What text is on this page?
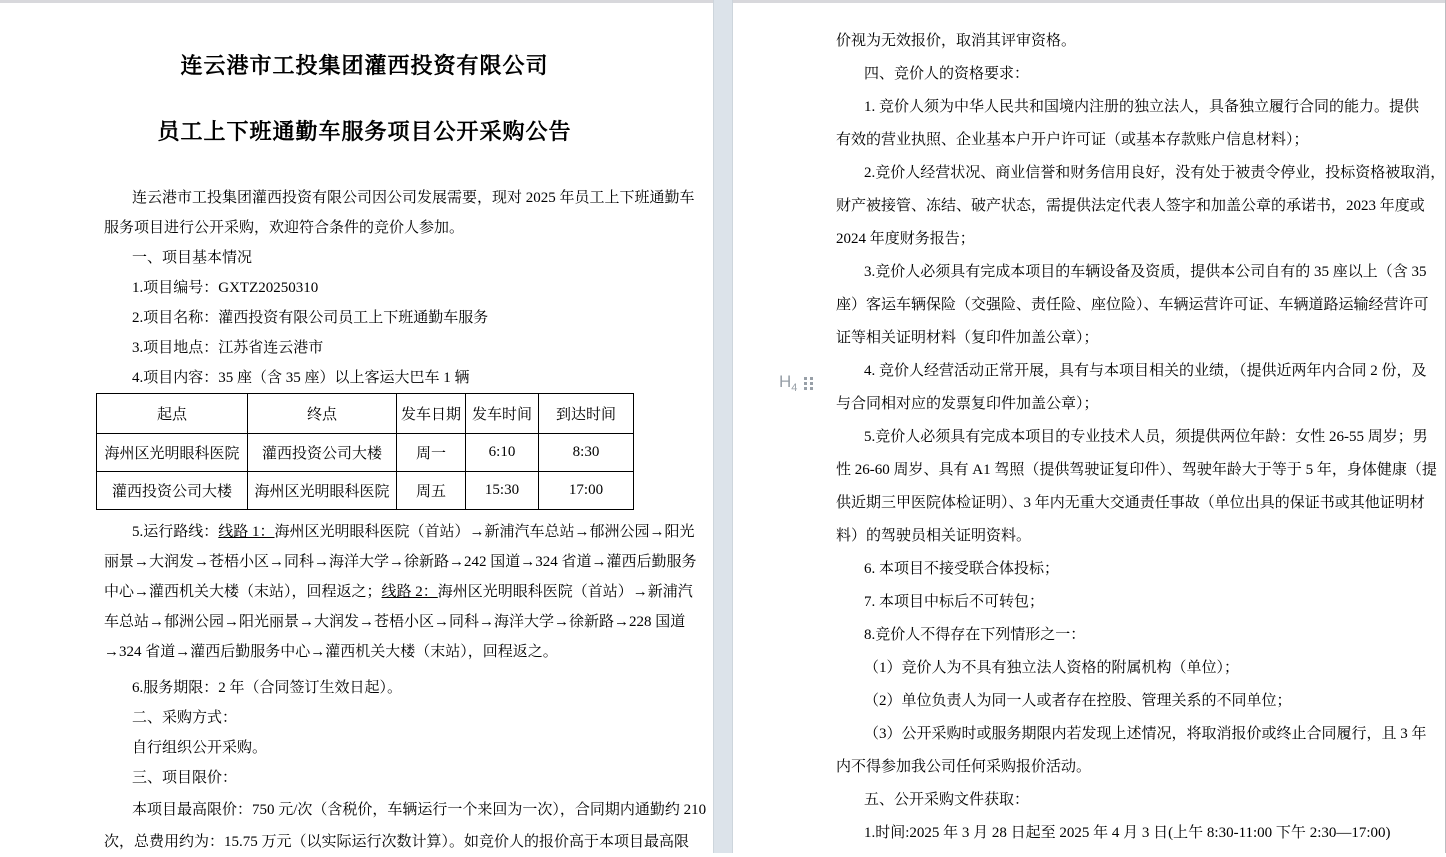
连云港市工投集团灌西投资有限公司
员工上下班通勤车服务项目公开采购公告
连云港市工投集团灌西投资有限公司因公司发展需要，现对 2025 年员工上下班通勤车
服务项目进行公开采购，欢迎符合条件的竞价人参加。
一、项目基本情况
1.项目编号：GXTZ20250310
2.项目名称：灌西投资有限公司员工上下班通勤车服务
3.项目地点：江苏省连云港市
4.项目内容：35 座（含 35 座）以上客运大巴车 1 辆
起点	终点	发车日期	发车时间	到达时间
海州区光明眼科医院	灌西投资公司大楼	周一	6:10	8:30
灌西投资公司大楼	海州区光明眼科医院	周五	15:30	17:00
5.运行路线：线路 1：海州区光明眼科医院（首站）→新浦汽车总站→郁洲公园→阳光
丽景→大润发→苍梧小区→同科→海洋大学→徐新路→242 国道→324 省道→灌西后勤服务
中心→灌西机关大楼（末站），回程返之；线路 2：海州区光明眼科医院（首站）→新浦汽
车总站→郁洲公园→阳光丽景→大润发→苍梧小区→同科→海洋大学→徐新路→228 国道
→324 省道→灌西后勤服务中心→灌西机关大楼（末站），回程返之。
6.服务期限：2 年（合同签订生效日起）。
二、采购方式：
自行组织公开采购。
三、项目限价：
本项目最高限价：750 元/次（含税价，车辆运行一个来回为一次），合同期内通勤约 210
次，总费用约为：15.75 万元（以实际运行次数计算）。如竞价人的报价高于本项目最高限
价视为无效报价，取消其评审资格。
四、竞价人的资格要求：
1. 竞价人须为中华人民共和国境内注册的独立法人，具备独立履行合同的能力。提供
有效的营业执照、企业基本户开户许可证（或基本存款账户信息材料）；
2.竞价人经营状况、商业信誉和财务信用良好，没有处于被责令停业，投标资格被取消，
财产被接管、冻结、破产状态，需提供法定代表人签字和加盖公章的承诺书，2023 年度或
2024 年度财务报告；
3.竞价人必须具有完成本项目的车辆设备及资质，提供本公司自有的 35 座以上（含 35
座）客运车辆保险（交强险、责任险、座位险）、车辆运营许可证、车辆道路运输经营许可
证等相关证明材料（复印件加盖公章）；
4. 竞价人经营活动正常开展，具有与本项目相关的业绩，（提供近两年内合同 2 份，及
与合同相对应的发票复印件加盖公章）；
5.竞价人必须具有完成本项目的专业技术人员，须提供两位年龄：女性 26-55 周岁；男
性 26-60 周岁、具有 A1 驾照（提供驾驶证复印件）、驾驶年龄大于等于 5 年，身体健康（提
供近期三甲医院体检证明）、3 年内无重大交通责任事故（单位出具的保证书或其他证明材
料）的驾驶员相关证明资料。
6. 本项目不接受联合体投标；
7. 本项目中标后不可转包；
8.竞价人不得存在下列情形之一：
（1）竞价人为不具有独立法人资格的附属机构（单位）；
（2）单位负责人为同一人或者存在控股、管理关系的不同单位；
（3）公开采购时或服务期限内若发现上述情况，将取消报价或终止合同履行，且 3 年
内不得参加我公司任何采购报价活动。
五、公开采购文件获取：
1.时间:2025 年 3 月 28 日起至 2025 年 4 月 3 日(上午 8:30-11:00 下午 2:30—17:00)
$H_4$
